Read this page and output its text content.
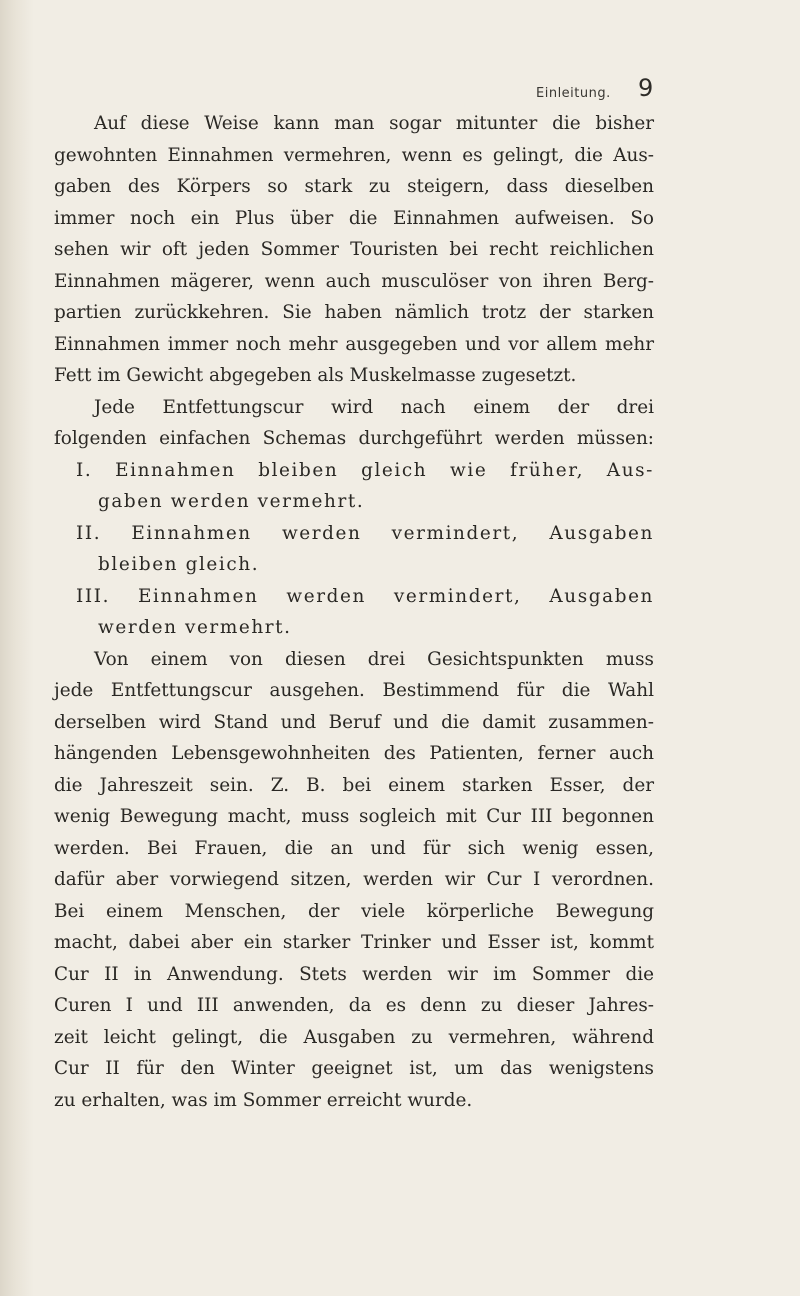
Einleitung. 9
Auf diese Weise kann man sogar mitunter die bisher
gewohnten Einnahmen vermehren, wenn es gelingt, die Aus-
gaben des Körpers so stark zu steigern, dass dieselben
immer noch ein Plus über die Einnahmen aufweisen. So
sehen wir oft jeden Sommer Touristen bei recht reichlichen
Einnahmen mägerer, wenn auch musculöser von ihren Berg-
partien zurückkehren. Sie haben nämlich trotz der starken
Einnahmen immer noch mehr ausgegeben und vor allem mehr
Fett im Gewicht abgegeben als Muskelmasse zugesetzt.
Jede Entfettungscur wird nach einem der drei
folgenden einfachen Schemas durchgeführt werden müssen:
I. Einnahmen bleiben gleich wie früher, Aus-
gaben werden vermehrt.
II. Einnahmen werden vermindert, Ausgaben
bleiben gleich.
III. Einnahmen werden vermindert, Ausgaben
werden vermehrt.
Von einem von diesen drei Gesichtspunkten muss
jede Entfettungscur ausgehen. Bestimmend für die Wahl
derselben wird Stand und Beruf und die damit zusammen-
hängenden Lebensgewohnheiten des Patienten, ferner auch
die Jahreszeit sein. Z. B. bei einem starken Esser, der
wenig Bewegung macht, muss sogleich mit Cur III begonnen
werden. Bei Frauen, die an und für sich wenig essen,
dafür aber vorwiegend sitzen, werden wir Cur I verordnen.
Bei einem Menschen, der viele körperliche Bewegung
macht, dabei aber ein starker Trinker und Esser ist, kommt
Cur II in Anwendung. Stets werden wir im Sommer die
Curen I und III anwenden, da es denn zu dieser Jahres-
zeit leicht gelingt, die Ausgaben zu vermehren, während
Cur II für den Winter geeignet ist, um das wenigstens
zu erhalten, was im Sommer erreicht wurde.
